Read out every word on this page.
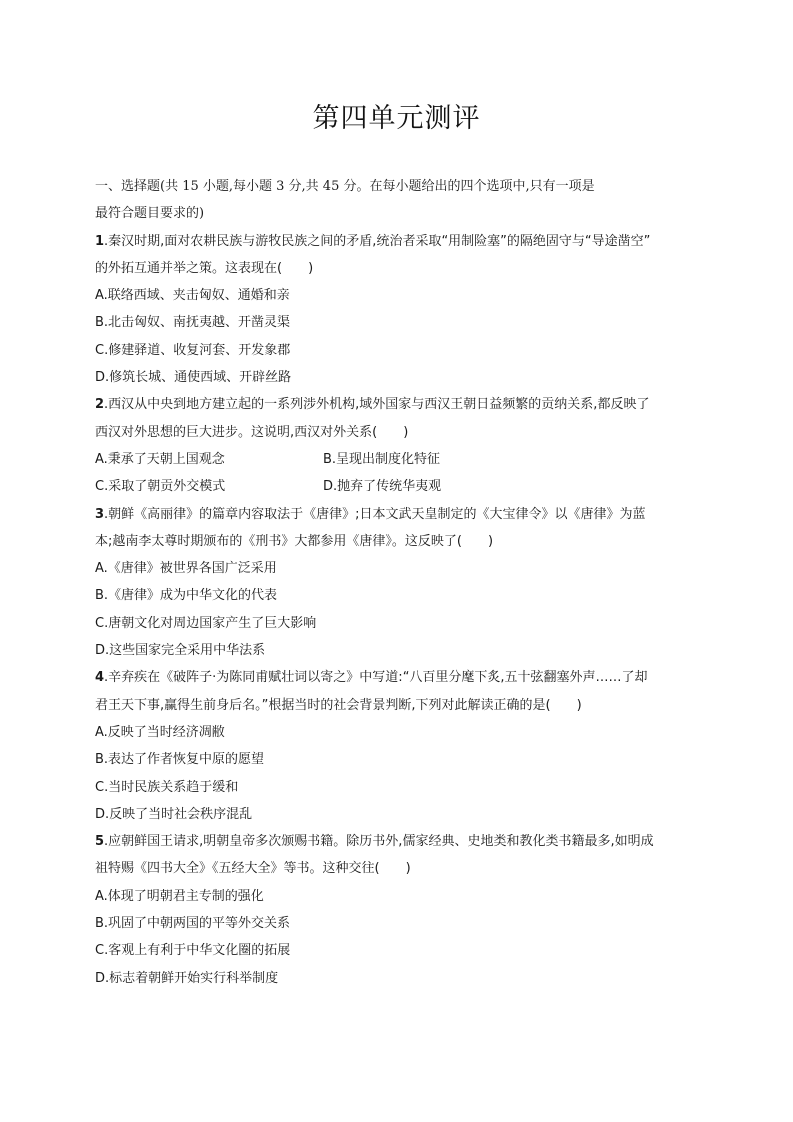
第四单元测评

一、选择题(共 15 小题,每小题 3 分,共 45 分。在每小题给出的四个选项中,只有一项是

最符合题目要求的)

1.秦汉时期,面对农耕民族与游牧民族之间的矛盾,统治者采取“用制险塞”的隔绝固守与“导途凿空”

的外拓互通并举之策。这表现在(　　)

A.联络西域、夹击匈奴、通婚和亲

B.北击匈奴、南抚夷越、开凿灵渠

C.修建驿道、收复河套、开发象郡

D.修筑长城、通使西域、开辟丝路

2.西汉从中央到地方建立起的一系列涉外机构,域外国家与西汉王朝日益频繁的贡纳关系,都反映了

西汉对外思想的巨大进步。这说明,西汉对外关系(　　)

A.秉承了天朝上国观念	B.呈现出制度化特征
C.采取了朝贡外交模式	D.抛弃了传统华夷观

3.朝鲜《高丽律》的篇章内容取法于《唐律》;日本文武天皇制定的《大宝律令》以《唐律》为蓝

本;越南李太尊时期颁布的《刑书》大都参用《唐律》。这反映了(　　)

A.《唐律》被世界各国广泛采用

B.《唐律》成为中华文化的代表

C.唐朝文化对周边国家产生了巨大影响

D.这些国家完全采用中华法系

4.辛弃疾在《破阵子·为陈同甫赋壮词以寄之》中写道:“八百里分麾下炙,五十弦翻塞外声……了却

君王天下事,赢得生前身后名。”根据当时的社会背景判断,下列对此解读正确的是(　　)

A.反映了当时经济凋敝

B.表达了作者恢复中原的愿望

C.当时民族关系趋于缓和

D.反映了当时社会秩序混乱

5.应朝鲜国王请求,明朝皇帝多次颁赐书籍。除历书外,儒家经典、史地类和教化类书籍最多,如明成

祖特赐《四书大全》《五经大全》等书。这种交往(　　)

A.体现了明朝君主专制的强化

B.巩固了中朝两国的平等外交关系

C.客观上有利于中华文化圈的拓展

D.标志着朝鲜开始实行科举制度
